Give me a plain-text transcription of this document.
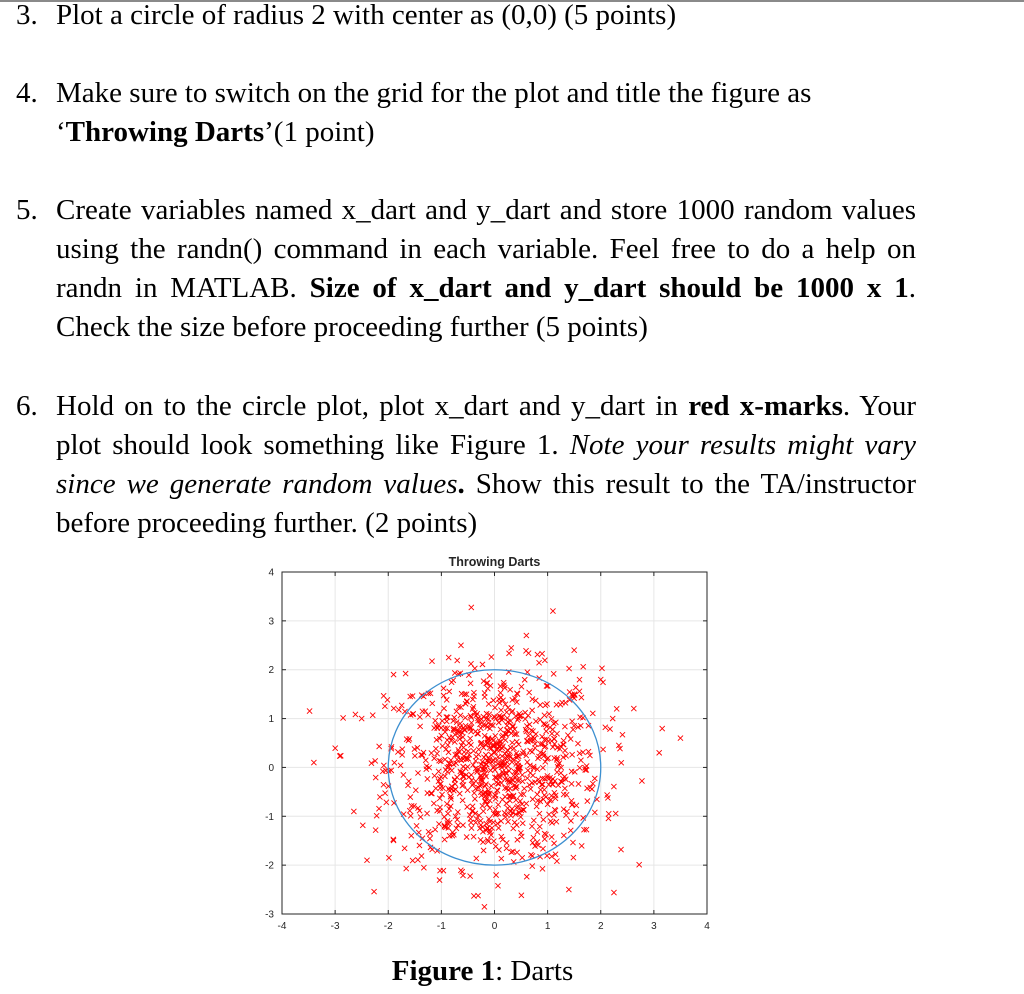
3. Plot a circle of radius 2 with center as (0,0) (5 points)
4. Make sure to switch on the grid for the plot and title the figure as
‘Throwing Darts’(1 point)
5. Create variables named x_dart and y_dart and store 1000 random values using the randn() command in each variable. Feel free to do a help on randn in MATLAB. Size of x_dart and y_dart should be 1000 x 1. Check the size before proceeding further (5 points)
6. Hold on to the circle plot, plot x_dart and y_dart in red x-marks. Your plot should look something like Figure 1. Note your results might vary since we generate random values. Show this result to the TA/instructor before proceeding further. (2 points)
-4	-3	-2	-1	0	1	2	3	4
-3
-2
-1
0
1
2
3
4
Throwing Darts
Figure 1: Darts
